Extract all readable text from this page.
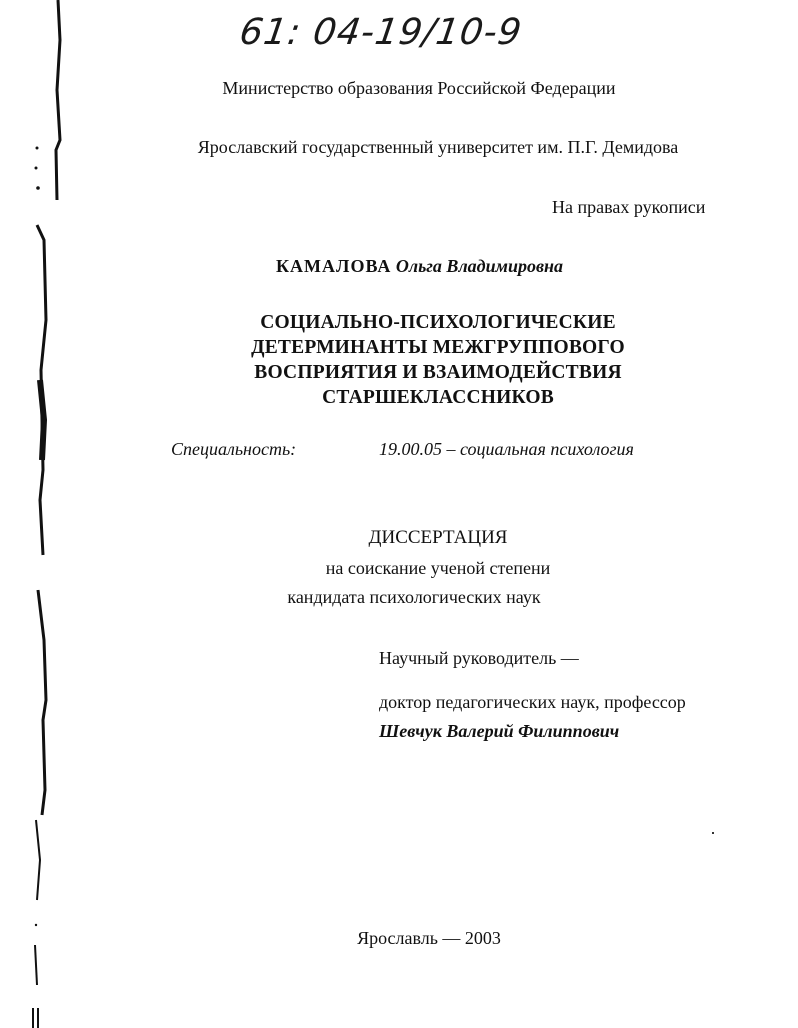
61: 04-19/10-9
Министерство образования Российской Федерации
Ярославский государственный университет им. П.Г. Демидова
На правах рукописи
КАМАЛОВА Ольга Владимировна
СОЦИАЛЬНО-ПСИХОЛОГИЧЕСКИЕ
ДЕТЕРМИНАНТЫ МЕЖГРУППОВОГО
ВОСПРИЯТИЯ И ВЗАИМОДЕЙСТВИЯ
СТАРШЕКЛАССНИКОВ
Специальность:	19.00.05 – социальная психология
ДИССЕРТАЦИЯ
на соискание ученой степени
кандидата психологических наук
Научный руководитель —
доктор педагогических наук, профессор
Шевчук Валерий Филиппович
Ярославль — 2003
